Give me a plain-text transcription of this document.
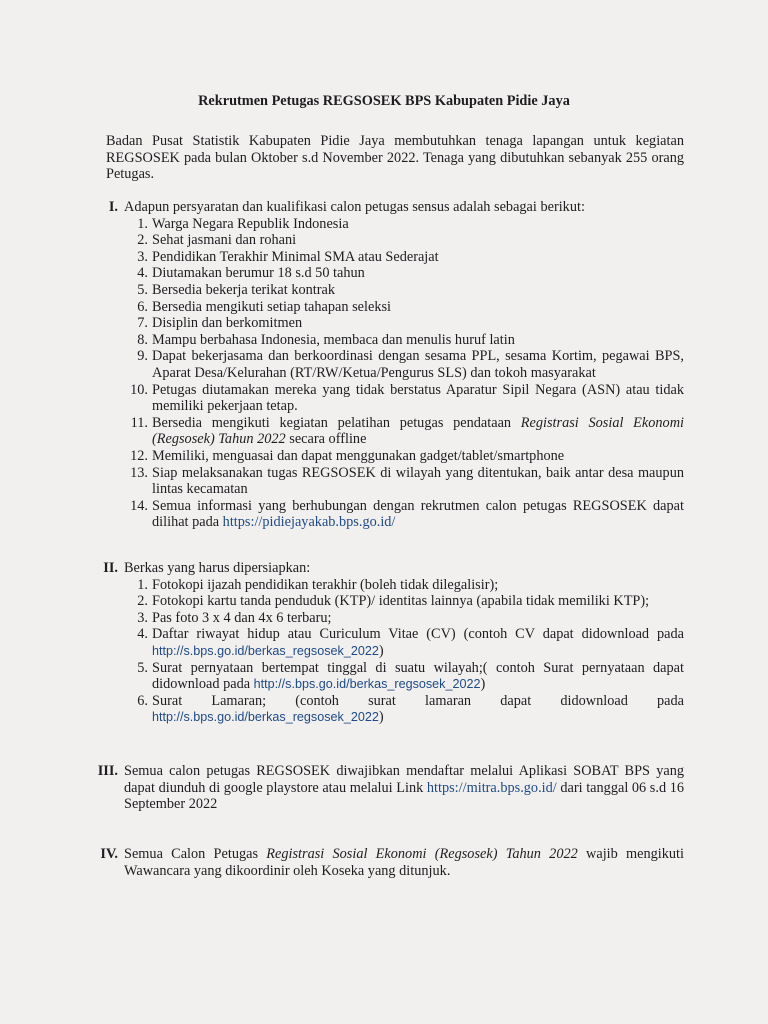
Rekrutmen Petugas REGSOSEK BPS Kabupaten Pidie Jaya
Badan Pusat Statistik Kabupaten Pidie Jaya membutuhkan tenaga lapangan untuk kegiatan REGSOSEK pada bulan Oktober s.d November 2022. Tenaga yang dibutuhkan sebanyak 255 orang Petugas.
I. Adapun persyaratan dan kualifikasi calon petugas sensus adalah sebagai berikut:
1. Warga Negara Republik Indonesia
2. Sehat jasmani dan rohani
3. Pendidikan Terakhir Minimal SMA atau Sederajat
4. Diutamakan berumur 18 s.d 50 tahun
5. Bersedia bekerja terikat kontrak
6. Bersedia mengikuti setiap tahapan seleksi
7. Disiplin dan berkomitmen
8. Mampu berbahasa Indonesia, membaca dan menulis huruf latin
9. Dapat bekerjasama dan berkoordinasi dengan sesama PPL, sesama Kortim, pegawai BPS, Aparat Desa/Kelurahan (RT/RW/Ketua/Pengurus SLS) dan tokoh masyarakat
10. Petugas diutamakan mereka yang tidak berstatus Aparatur Sipil Negara (ASN) atau tidak memiliki pekerjaan tetap.
11. Bersedia mengikuti kegiatan pelatihan petugas pendataan Registrasi Sosial Ekonomi (Regsosek) Tahun 2022 secara offline
12. Memiliki, menguasai dan dapat menggunakan gadget/tablet/smartphone
13. Siap melaksanakan tugas REGSOSEK di wilayah yang ditentukan, baik antar desa maupun lintas kecamatan
14. Semua informasi yang berhubungan dengan rekrutmen calon petugas REGSOSEK dapat dilihat pada https://pidiejayakab.bps.go.id/
II. Berkas yang harus dipersiapkan:
1. Fotokopi ijazah pendidikan terakhir (boleh tidak dilegalisir);
2. Fotokopi kartu tanda penduduk (KTP)/ identitas lainnya (apabila tidak memiliki KTP);
3. Pas foto 3 x 4 dan 4x 6 terbaru;
4. Daftar riwayat hidup atau Curiculum Vitae (CV) (contoh CV dapat didownload pada http://s.bps.go.id/berkas_regsosek_2022)
5. Surat pernyataan bertempat tinggal di suatu wilayah;( contoh Surat pernyataan dapat didownload pada http://s.bps.go.id/berkas_regsosek_2022)
6. Surat Lamaran; (contoh surat lamaran dapat didownload pada http://s.bps.go.id/berkas_regsosek_2022)
III. Semua calon petugas REGSOSEK diwajibkan mendaftar melalui Aplikasi SOBAT BPS yang dapat diunduh di google playstore atau melalui Link https://mitra.bps.go.id/ dari tanggal 06 s.d 16 September 2022
IV. Semua Calon Petugas Registrasi Sosial Ekonomi (Regsosek) Tahun 2022 wajib mengikuti Wawancara yang dikoordinir oleh Koseka yang ditunjuk.
